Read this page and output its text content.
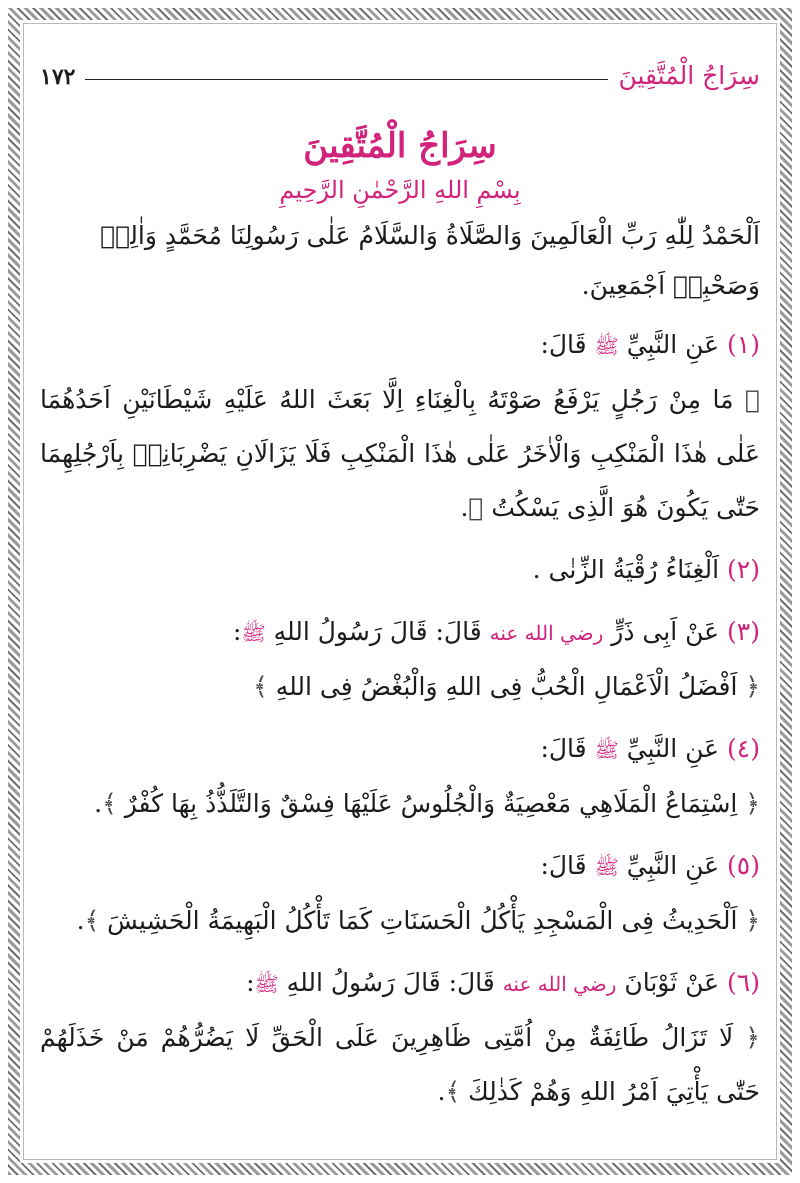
سِرَاجُ الْمُتَّقِينَ
١٧٢
سِرَاجُ الْمُتَّقِينَ
بِسْمِ اللهِ الرَّحْمٰنِ الرَّحِيمِ
اَلْحَمْدُ لِلّٰهِ رَبِّ الْعَالَمِينَ وَالصَّلَاةُ وَالسَّلَامُ عَلٰى رَسُولِنَا مُحَمَّدٍ وَاٰلِهٖ
وَصَحْبِهٖ اَجْمَعِينَ.
(١) عَنِ النَّبِيِّ ﷺ قَالَ:
﴿ مَا مِنْ رَجُلٍ يَرْفَعُ صَوْتَهُ بِالْغِنَاءِ اِلَّا بَعَثَ اللهُ عَلَيْهِ شَيْطَانَيْنِ اَحَدُهُمَا عَلٰى هٰذَا الْمَنْكِبِ وَالْاٰخَرُ عَلٰى هٰذَا الْمَنْكِبِ فَلَا يَزَالَانِ يَضْرِبَانِهٖ بِاَرْجُلِهِمَا حَتّٰى يَكُونَ هُوَ الَّذِى يَسْكُتُ ﴾.
(٢) اَلْغِنَاءُ رُقْيَةُ الزِّنٰى .
(٣) عَنْ اَبِى ذَرٍّ رضي الله عنه قَالَ: قَالَ رَسُولُ اللهِ ﷺ:
﴿ اَفْضَلُ الْاَعْمَالِ الْحُبُّ فِى اللهِ وَالْبُغْضُ فِى اللهِ ﴾
(٤) عَنِ النَّبِيِّ ﷺ قَالَ:
﴿ اِسْتِمَاعُ الْمَلَاهِي مَعْصِيَةٌ وَالْجُلُوسُ عَلَيْهَا فِسْقٌ وَالتَّلَذُّذُ بِهَا كُفْرٌ ﴾.
(٥) عَنِ النَّبِيِّ ﷺ قَالَ:
﴿ اَلْحَدِيثُ فِى الْمَسْجِدِ يَأْكُلُ الْحَسَنَاتِ كَمَا تَأْكُلُ الْبَهِيمَةُ الْحَشِيشَ ﴾.
(٦) عَنْ ثَوْبَانَ رضي الله عنه قَالَ: قَالَ رَسُولُ اللهِ ﷺ:
﴿ لَا تَزَالُ طَائِفَةٌ مِنْ اُمَّتِى ظَاهِرِينَ عَلَى الْحَقِّ لَا يَضُرُّهُمْ مَنْ خَذَلَهُمْ حَتّٰى يَأْتِيَ اَمْرُ اللهِ وَهُمْ كَذٰلِكَ ﴾.
